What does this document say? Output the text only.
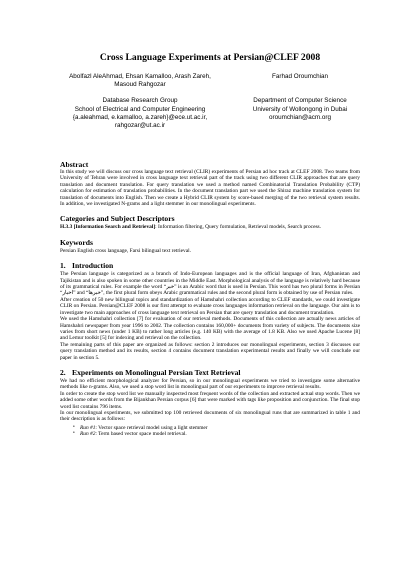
Cross Language Experiments at Persian@CLEF 2008
Abolfazl AleAhmad, Ehsan Kamalloo, Arash Zareh, Masoud Rahgozar
Database Research Group
School of Electrical and Computer Engineering
{a.aleahmad, e.kamalloo, a.zareh}@ece.ut.ac.ir,
rahgozar@ut.ac.ir
Farhad Oroumchian
Department of Computer Science
University of Wollongong in Dubai
oroumchian@acm.org
Abstract

In this study we will discuss our cross language text retrieval (CLIR) experiments of Persian ad hoc track at CLEF 2008. Two teams from University of Tehran were involved in cross language text retrieval part of the track using two different CLIR approaches that are query translation and document translation. For query translation we used a method named Combinatorial Translation Probability (CTP) calculation for estimation of translation probabilities. In the document translation part we used the Shiraz machine translation system for translation of documents into English. Then we create a Hybrid CLIR system by score-based merging of the two retrieval system results. In addition, we investigated N-grams and a light stemmer in our monolingual experiments.

Categories and Subject Descriptors

H.3.3 [Information Search and Retrieval]: Information filtering, Query formulation, Retrieval models, Search process.

Keywords

Persian English cross language, Farsi bilingual text retrieval.

1. Introduction

The Persian language is categorized as a branch of Indo-European languages and is the official language of Iran, Afghanistan and Tajikistan and is also spoken in some other countries in the Middle East. Morphological analysis of the language is relatively hard because of its grammatical rules. For example the word “خبر” is an Arabic word that is used in Persian. This word has two plural forms in Persian “اخبار” and “خبرها”, the first plural form obeys Arabic grammatical rules and the second plural form is obtained by use of Persian rules.

After creation of 50 new bilingual topics and standardization of Hamshahri collection according to CLEF standards, we could investigate CLIR on Persian. Persian@CLEF 2008 is our first attempt to evaluate cross languages information retrieval on the language. Our aim is to investigate two main approaches of cross language text retrieval on Persian that are query translation and document translation.

We used the Hamshahri collection [7] for evaluation of our retrieval methods. Documents of this collection are actually news articles of Hamshahri newspaper from year 1996 to 2002. The collection contains 160,000+ documents from variety of subjects. The documents size varies from short news (under 1 KB) to rather long articles (e.g. 140 KB) with the average of 1.8 KB. Also we used Apache Lucene [8] and Lemur toolkit [5] for indexing and retrieval on the collection.

The remaining parts of this paper are organized as follows: section 2 introduces our monolingual experiments, section 3 discusses our query translation method and its results, section 4 contains document translation experimental results and finally we will conclude our paper in section 5.

2. Experiments on Monolingual Persian Text Retrieval

We had no efficient morphological analyzer for Persian, so in our monolingual experiments we tried to investigate some alternative methods like n-grams. Also, we used a stop word list in monolingual part of our experiments to improve retrieval results.

In order to create the stop word list we manually inspected most frequent words of the collection and extracted actual stop words. Then we added some other words from the Bijankhan Persian corpus [6] that were marked with tags like proposition and conjunction. The final stop word list contains 796 items.

In our monolingual experiments, we submitted top 100 retrieved documents of six monolingual runs that are summarized in table 1 and their description is as follows:

• Run #1: Vector space retrieval model using a light stemmer
• Run #2: Term based vector space model retrieval.
